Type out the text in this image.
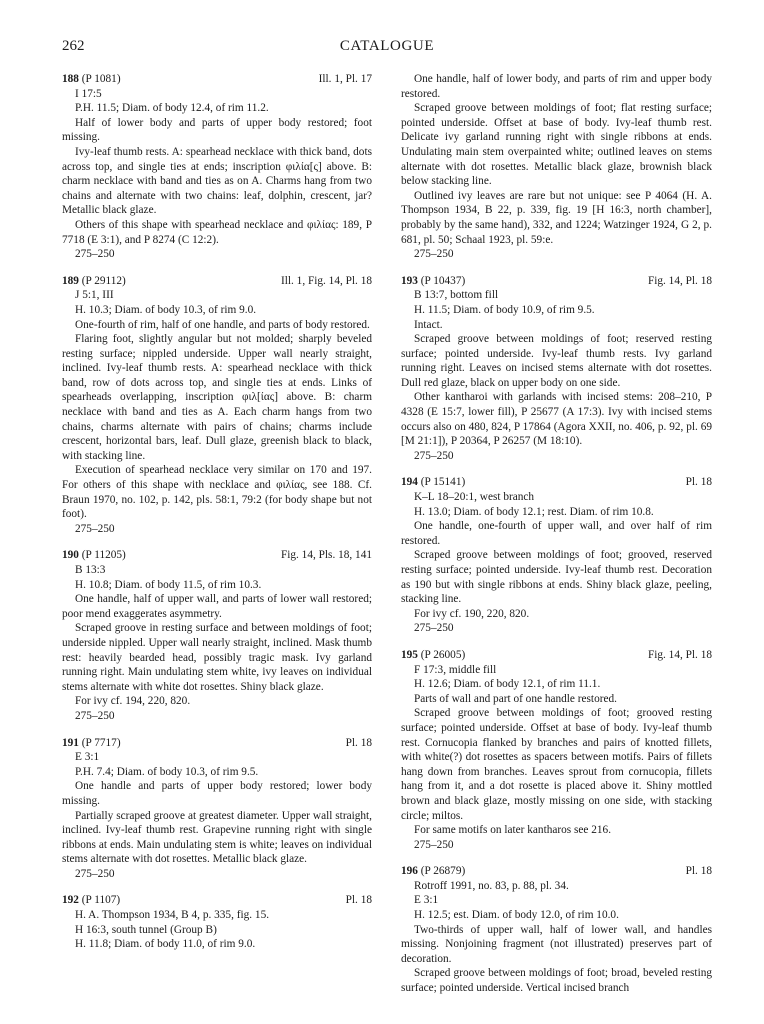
262	CATALOGUE
188 (P 1081)	Ill. 1, Pl. 17
I 17:5
P.H. 11.5; Diam. of body 12.4, of rim 11.2.

Half of lower body and parts of upper body restored; foot missing.

Ivy-leaf thumb rests. A: spearhead necklace with thick band, dots across top, and single ties at ends; inscription φιλία[ς] above. B: charm necklace with band and ties as on A. Charms hang from two chains and alternate with two chains: leaf, dolphin, crescent, jar? Metallic black glaze.

Others of this shape with spearhead necklace and φιλίας: 189, P 7718 (E 3:1), and P 8274 (C 12:2).

275–250
189 (P 29112)	Ill. 1, Fig. 14, Pl. 18
J 5:1, III
H. 10.3; Diam. of body 10.3, of rim 9.0.

One-fourth of rim, half of one handle, and parts of body restored.

Flaring foot, slightly angular but not molded; sharply beveled resting surface; nippled underside. Upper wall nearly straight, inclined. Ivy-leaf thumb rests. A: spearhead necklace with thick band, row of dots across top, and single ties at ends. Links of spearheads overlapping, inscription φιλ[ίας] above. B: charm necklace with band and ties as A. Each charm hangs from two chains, charms alternate with pairs of chains; charms include crescent, horizontal bars, leaf. Dull glaze, greenish black to black, with stacking line.

Execution of spearhead necklace very similar on 170 and 197. For others of this shape with necklace and φιλίας, see 188. Cf. Braun 1970, no. 102, p. 142, pls. 58:1, 79:2 (for body shape but not foot).

275–250
190 (P 11205)	Fig. 14, Pls. 18, 141
B 13:3
H. 10.8; Diam. of body 11.5, of rim 10.3.

One handle, half of upper wall, and parts of lower wall restored; poor mend exaggerates asymmetry.

Scraped groove in resting surface and between moldings of foot; underside nippled. Upper wall nearly straight, inclined. Mask thumb rest: heavily bearded head, possibly tragic mask. Ivy garland running right. Main undulating stem white, ivy leaves on individual stems alternate with white dot rosettes. Shiny black glaze.

For ivy cf. 194, 220, 820.

275–250
191 (P 7717)	Pl. 18
E 3:1
P.H. 7.4; Diam. of body 10.3, of rim 9.5.

One handle and parts of upper body restored; lower body missing.

Partially scraped groove at greatest diameter. Upper wall straight, inclined. Ivy-leaf thumb rest. Grapevine running right with single ribbons at ends. Main undulating stem is white; leaves on individual stems alternate with dot rosettes. Metallic black glaze.

275–250
192 (P 1107)	Pl. 18
H. A. Thompson 1934, B 4, p. 335, fig. 15.
H 16:3, south tunnel (Group B)
H. 11.8; Diam. of body 11.0, of rim 9.0.

One handle, half of lower body, and parts of rim and upper body restored.

Scraped groove between moldings of foot; flat resting surface; pointed underside. Offset at base of body. Ivy-leaf thumb rest. Delicate ivy garland running right with single ribbons at ends. Undulating main stem overpainted white; outlined leaves on stems alternate with dot rosettes. Metallic black glaze, brownish black below stacking line.

Outlined ivy leaves are rare but not unique: see P 4064 (H. A. Thompson 1934, B 22, p. 339, fig. 19 [H 16:3, north chamber], probably by the same hand), 332, and 1224; Watzinger 1924, G 2, p. 681, pl. 50; Schaal 1923, pl. 59:e.

275–250
193 (P 10437)	Fig. 14, Pl. 18
B 13:7, bottom fill
H. 11.5; Diam. of body 10.9, of rim 9.5.
Intact.

Scraped groove between moldings of foot; reserved resting surface; pointed underside. Ivy-leaf thumb rests. Ivy garland running right. Leaves on incised stems alternate with dot rosettes. Dull red glaze, black on upper body on one side.

Other kantharoi with garlands with incised stems: 208–210, P 4328 (E 15:7, lower fill), P 25677 (A 17:3). Ivy with incised stems occurs also on 480, 824, P 17864 (Agora XXII, no. 406, p. 92, pl. 69 [M 21:1]), P 20364, P 26257 (M 18:10).

275–250
194 (P 15141)	Pl. 18
K–L 18–20:1, west branch
H. 13.0; Diam. of body 12.1; rest. Diam. of rim 10.8.

One handle, one-fourth of upper wall, and over half of rim restored.

Scraped groove between moldings of foot; grooved, reserved resting surface; pointed underside. Ivy-leaf thumb rest. Decoration as 190 but with single ribbons at ends. Shiny black glaze, peeling, stacking line.

For ivy cf. 190, 220, 820.

275–250
195 (P 26005)	Fig. 14, Pl. 18
F 17:3, middle fill
H. 12.6; Diam. of body 12.1, of rim 11.1.

Parts of wall and part of one handle restored.

Scraped groove between moldings of foot; grooved resting surface; pointed underside. Offset at base of body. Ivy-leaf thumb rest. Cornucopia flanked by branches and pairs of knotted fillets, with white(?) dot rosettes as spacers between motifs. Pairs of fillets hang down from branches. Leaves sprout from cornucopia, fillets hang from it, and a dot rosette is placed above it. Shiny mottled brown and black glaze, mostly missing on one side, with stacking circle; miltos.

For same motifs on later kantharos see 216.

275–250
196 (P 26879)	Pl. 18
Rotroff 1991, no. 83, p. 88, pl. 34.
E 3:1
H. 12.5; est. Diam. of body 12.0, of rim 10.0.

Two-thirds of upper wall, half of lower wall, and handles missing. Nonjoining fragment (not illustrated) preserves part of decoration.

Scraped groove between moldings of foot; broad, beveled resting surface; pointed underside. Vertical incised branch
